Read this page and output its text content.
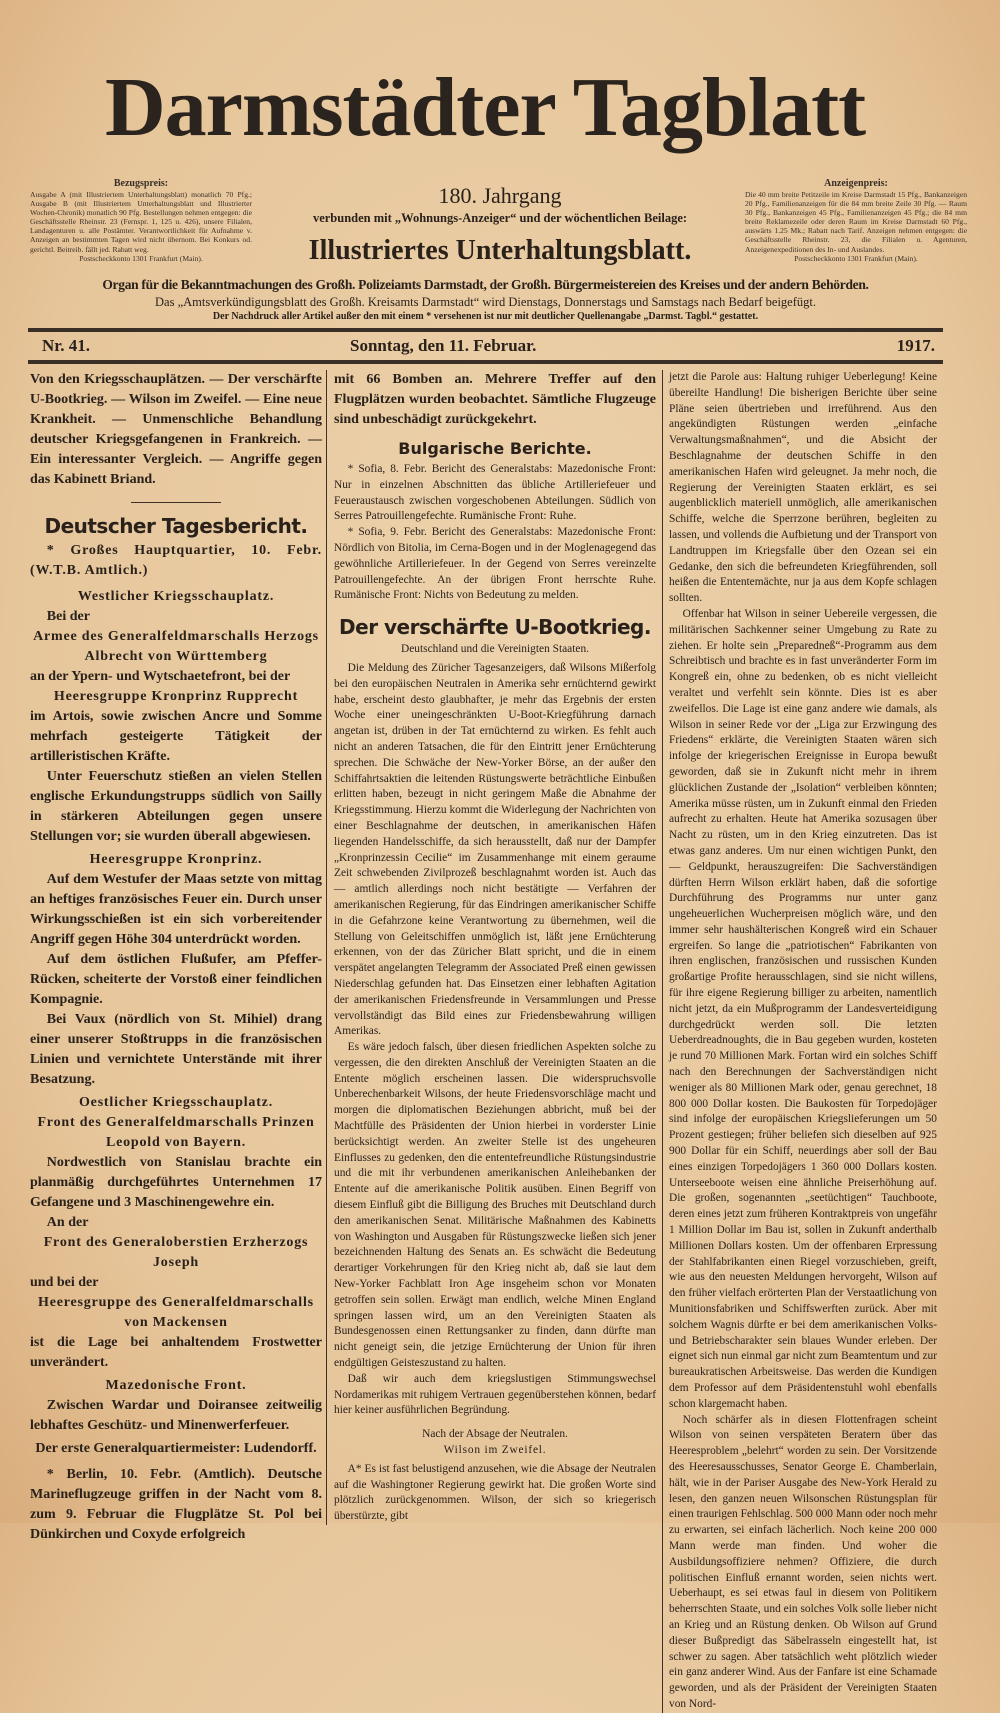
Darmstädter Tagblatt
Bezugspreis:

Ausgabe A (mit Illustriertem Unterhaltungsblatt) monatlich 70 Pfg.; Ausgabe B (mit Illustriertem Unterhaltungsblatt und Illustrierter Wochen-Chronik) monatlich 90 Pfg. Bestellungen nehmen entgegen: die Geschäftsstelle Rheinstr. 23 (Fernspr. 1, 125 u. 426), unsere Filialen, Landagenturen u. alle Postämter. Verantwortlichkeit für Aufnahme v. Anzeigen an bestimmten Tagen wird nicht übernom. Bei Konkurs od. gerichtl. Beitreib. fällt jed. Rabatt weg.

Postscheckkonto 1301 Frankfurt (Main).

Anzeigenpreis:

Die 40 mm breite Petitzeile im Kreise Darmstadt 15 Pfg., Bankanzeigen 20 Pfg., Familienanzeigen für die 84 mm breite Zeile 30 Pfg. — Raum 30 Pfg., Bankanzeigen 45 Pfg., Familienanzeigen 45 Pfg.; die 84 mm breite Reklamezeile oder deren Raum im Kreise Darmstadt 60 Pfg., auswärts 1.25 Mk.; Rabatt nach Tarif. Anzeigen nehmen entgegen: die Geschäftsstelle Rheinstr. 23, die Filialen u. Agenturen, Anzeigenexpeditionen des In- und Auslandes.

Postscheckkonto 1301 Frankfurt (Main).

180. Jahrgang
verbunden mit „Wohnungs-Anzeiger“ und der wöchentlichen Beilage:
Illustriertes Unterhaltungsblatt.
Organ für die Bekanntmachungen des Großh. Polizeiamts Darmstadt, der Großh. Bürgermeistereien des Kreises und der andern Behörden.
Das „Amtsverkündigungsblatt des Großh. Kreisamts Darmstadt“ wird Dienstags, Donnerstags und Samstags nach Bedarf beigefügt.
Der Nachdruck aller Artikel außer den mit einem * versehenen ist nur mit deutlicher Quellenangabe „Darmst. Tagbl.“ gestattet.
Nr. 41.	Sonntag, den 11. Februar.	1917.

Von den Kriegsschauplätzen. — Der verschärfte U-Bootkrieg. — Wilson im Zweifel. — Eine neue Krankheit. — Unmenschliche Behandlung deutscher Kriegsgefangenen in Frankreich. — Ein interessanter Vergleich. — Angriffe gegen das Kabinett Briand.

Deutscher Tagesbericht.

* Großes Hauptquartier, 10. Febr. (W.T.B. Amtlich.)

Westlicher Kriegsschauplatz.

Bei der

Armee des Generalfeldmarschalls Herzogs Albrecht von Württemberg

an der Ypern- und Wytschaetefront, bei der

Heeresgruppe Kronprinz Rupprecht

im Artois, sowie zwischen Ancre und Somme mehrfach gesteigerte Tätigkeit der artilleristischen Kräfte.

Unter Feuerschutz stießen an vielen Stellen englische Erkundungstrupps südlich von Sailly in stärkeren Abteilungen gegen unsere Stellungen vor; sie wurden überall abgewiesen.

Heeresgruppe Kronprinz.

Auf dem Westufer der Maas setzte von mittag an heftiges französisches Feuer ein. Durch unser Wirkungsschießen ist ein sich vorbereitender Angriff gegen Höhe 304 unterdrückt worden.

Auf dem östlichen Flußufer, am Pfeffer-Rücken, scheiterte der Vorstoß einer feindlichen Kompagnie.

Bei Vaux (nördlich von St. Mihiel) drang einer unserer Stoßtrupps in die französischen Linien und vernichtete Unterstände mit ihrer Besatzung.

Oestlicher Kriegsschauplatz.

Front des Generalfeldmarschalls Prinzen Leopold von Bayern.

Nordwestlich von Stanislau brachte ein planmäßig durchgeführtes Unternehmen 17 Gefangene und 3 Maschinengewehre ein.

An der

Front des Generaloberstien Erzherzogs Joseph

und bei der

Heeresgruppe des Generalfeldmarschalls von Mackensen

ist die Lage bei anhaltendem Frostwetter unverändert.

Mazedonische Front.

Zwischen Wardar und Doiransee zeitweilig lebhaftes Geschütz- und Minenwerferfeuer.

Der erste Generalquartiermeister: Ludendorff.

* Berlin, 10. Febr. (Amtlich). Deutsche Marineflugzeuge griffen in der Nacht vom 8. zum 9. Februar die Flugplätze St. Pol bei Dünkirchen und Coxyde erfolgreich

mit 66 Bomben an. Mehrere Treffer auf den Flugplätzen wurden beobachtet. Sämtliche Flugzeuge sind unbeschädigt zurückgekehrt.

Bulgarische Berichte.

* Sofia, 8. Febr. Bericht des Generalstabs: Mazedonische Front: Nur in einzelnen Abschnitten das übliche Artilleriefeuer und Feueraustausch zwischen vorgeschobenen Abteilungen. Südlich von Serres Patrouillengefechte. Rumänische Front: Ruhe.

* Sofia, 9. Febr. Bericht des Generalstabs: Mazedonische Front: Nördlich von Bitolia, im Cerna-Bogen und in der Moglenagegend das gewöhnliche Artilleriefeuer. In der Gegend von Serres vereinzelte Patrouillengefechte. An der übrigen Front herrschte Ruhe. Rumänische Front: Nichts von Bedeutung zu melden.

Der verschärfte U-Bootkrieg.
Deutschland und die Vereinigten Staaten.

Die Meldung des Züricher Tagesanzeigers, daß Wilsons Mißerfolg bei den europäischen Neutralen in Amerika sehr ernüchternd gewirkt habe, erscheint desto glaubhafter, je mehr das Ergebnis der ersten Woche einer uneingeschränkten U-Boot-Kriegführung darnach angetan ist, drüben in der Tat ernüchternd zu wirken. Es fehlt auch nicht an anderen Tatsachen, die für den Eintritt jener Ernüchterung sprechen. Die Schwäche der New-Yorker Börse, an der außer den Schiffahrtsaktien die leitenden Rüstungswerte beträchtliche Einbußen erlitten haben, bezeugt in nicht geringem Maße die Abnahme der Kriegsstimmung. Hierzu kommt die Widerlegung der Nachrichten von einer Beschlagnahme der deutschen, in amerikanischen Häfen liegenden Handelsschiffe, da sich herausstellt, daß nur der Dampfer „Kronprinzessin Cecilie“ im Zusammenhange mit einem geraume Zeit schwebenden Zivilprozeß beschlagnahmt worden ist. Auch das — amtlich allerdings noch nicht bestätigte — Verfahren der amerikanischen Regierung, für das Eindringen amerikanischer Schiffe in die Gefahrzone keine Verantwortung zu übernehmen, weil die Stellung von Geleitschiffen unmöglich ist, läßt jene Ernüchterung erkennen, von der das Züricher Blatt spricht, und die in einem verspätet angelangten Telegramm der Associated Preß einen gewissen Niederschlag gefunden hat. Das Einsetzen einer lebhaften Agitation der amerikanischen Friedensfreunde in Versammlungen und Presse vervollständigt das Bild eines zur Friedensbewahrung willigen Amerikas.

Es wäre jedoch falsch, über diesen friedlichen Aspekten solche zu vergessen, die den direkten Anschluß der Vereinigten Staaten an die Entente möglich erscheinen lassen. Die widerspruchsvolle Unberechenbarkeit Wilsons, der heute Friedensvorschläge macht und morgen die diplomatischen Beziehungen abbricht, muß bei der Machtfülle des Präsidenten der Union hierbei in vorderster Linie berücksichtigt werden. An zweiter Stelle ist des ungeheuren Einflusses zu gedenken, den die ententefreundliche Rüstungsindustrie und die mit ihr verbundenen amerikanischen Anleihebanken der Entente auf die amerikanische Politik ausüben. Einen Begriff von diesem Einfluß gibt die Billigung des Bruches mit Deutschland durch den amerikanischen Senat. Militärische Maßnahmen des Kabinetts von Washington und Ausgaben für Rüstungszwecke ließen sich jener bezeichnenden Haltung des Senats an. Es schwächt die Bedeutung derartiger Vorkehrungen für den Krieg nicht ab, daß sie laut dem New-Yorker Fachblatt Iron Age insgeheim schon vor Monaten getroffen sein sollen. Erwägt man endlich, welche Minen England springen lassen wird, um an den Vereinigten Staaten als Bundesgenossen einen Rettungsanker zu finden, dann dürfte man nicht geneigt sein, die jetzige Ernüchterung der Union für ihren endgültigen Geisteszustand zu halten.

Daß wir auch dem kriegslustigen Stimmungswechsel Nordamerikas mit ruhigem Vertrauen gegenüberstehen können, bedarf hier keiner ausführlichen Begründung.

Nach der Absage der Neutralen.
Wilson im Zweifel.

A* Es ist fast belustigend anzusehen, wie die Absage der Neutralen auf die Washingtoner Regierung gewirkt hat. Die großen Worte sind plötzlich zurückgenommen. Wilson, der sich so kriegerisch überstürzte, gibt

jetzt die Parole aus: Haltung ruhiger Ueberlegung! Keine übereilte Handlung! Die bisherigen Berichte über seine Pläne seien übertrieben und irreführend. Aus den angekündigten Rüstungen werden „einfache Verwaltungsmaßnahmen“, und die Absicht der Beschlagnahme der deutschen Schiffe in den amerikanischen Hafen wird geleugnet. Ja mehr noch, die Regierung der Vereinigten Staaten erklärt, es sei augenblicklich materiell unmöglich, alle amerikanischen Schiffe, welche die Sperrzone berühren, begleiten zu lassen, und vollends die Aufbietung und der Transport von Landtruppen im Kriegsfalle über den Ozean sei ein Gedanke, den sich die befreundeten Kriegführenden, soll heißen die Ententemächte, nur ja aus dem Kopfe schlagen sollten.

Offenbar hat Wilson in seiner Uebereile vergessen, die militärischen Sachkenner seiner Umgebung zu Rate zu ziehen. Er holte sein „Preparedneß“-Programm aus dem Schreibtisch und brachte es in fast unveränderter Form im Kongreß ein, ohne zu bedenken, ob es nicht vielleicht veraltet und verfehlt sein könnte. Dies ist es aber zweifellos. Die Lage ist eine ganz andere wie damals, als Wilson in seiner Rede vor der „Liga zur Erzwingung des Friedens“ erklärte, die Vereinigten Staaten wären sich infolge der kriegerischen Ereignisse in Europa bewußt geworden, daß sie in Zukunft nicht mehr in ihrem glücklichen Zustande der „Isolation“ verbleiben könnten; Amerika müsse rüsten, um in Zukunft einmal den Frieden aufrecht zu erhalten. Heute hat Amerika sozusagen über Nacht zu rüsten, um in den Krieg einzutreten. Das ist etwas ganz anderes. Um nur einen wichtigen Punkt, den — Geldpunkt, herauszugreifen: Die Sachverständigen dürften Herrn Wilson erklärt haben, daß die sofortige Durchführung des Programms nur unter ganz ungeheuerlichen Wucherpreisen möglich wäre, und den immer sehr haushälterischen Kongreß wird ein Schauer ergreifen. So lange die „patriotischen“ Fabrikanten von ihren englischen, französischen und russischen Kunden großartige Profite herausschlagen, sind sie nicht willens, für ihre eigene Regierung billiger zu arbeiten, namentlich nicht jetzt, da ein Mußprogramm der Landesverteidigung durchgedrückt werden soll. Die letzten Ueberdreadnoughts, die in Bau gegeben wurden, kosteten je rund 70 Millionen Mark. Fortan wird ein solches Schiff nach den Berechnungen der Sachverständigen nicht weniger als 80 Millionen Mark oder, genau gerechnet, 18 800 000 Dollar kosten. Die Baukosten für Torpedojäger sind infolge der europäischen Kriegslieferungen um 50 Prozent gestiegen; früher beliefen sich dieselben auf 925 900 Dollar für ein Schiff, neuerdings aber soll der Bau eines einzigen Torpedojägers 1 360 000 Dollars kosten. Unterseeboote weisen eine ähnliche Preiserhöhung auf. Die großen, sogenannten „seetüchtigen“ Tauchboote, deren eines jetzt zum früheren Kontraktpreis von ungefähr 1 Million Dollar im Bau ist, sollen in Zukunft anderthalb Millionen Dollars kosten. Um der offenbaren Erpressung der Stahlfabrikanten einen Riegel vorzuschieben, greift, wie aus den neuesten Meldungen hervorgeht, Wilson auf den früher vielfach erörterten Plan der Verstaatlichung von Munitionsfabriken und Schiffswerften zurück. Aber mit solchem Wagnis dürfte er bei dem amerikanischen Volks- und Betriebscharakter sein blaues Wunder erleben. Der eignet sich nun einmal gar nicht zum Beamtentum und zur bureaukratischen Arbeitsweise. Das werden die Kundigen dem Professor auf dem Präsidentenstuhl wohl ebenfalls schon klargemacht haben.

Noch schärfer als in diesen Flottenfragen scheint Wilson von seinen verspäteten Beratern über das Heeresproblem „belehrt“ worden zu sein. Der Vorsitzende des Heeresausschusses, Senator George E. Chamberlain, hält, wie in der Pariser Ausgabe des New-York Herald zu lesen, den ganzen neuen Wilsonschen Rüstungsplan für einen traurigen Fehlschlag. 500 000 Mann oder noch mehr zu erwarten, sei einfach lächerlich. Noch keine 200 000 Mann werde man finden. Und woher die Ausbildungsoffiziere nehmen? Offiziere, die durch politischen Einfluß ernannt worden, seien nichts wert. Ueberhaupt, es sei etwas faul in diesem von Politikern beherrschten Staate, und ein solches Volk solle lieber nicht an Krieg und an Rüstung denken. Ob Wilson auf Grund dieser Bußpredigt das Säbelrasseln eingestellt hat, ist schwer zu sagen. Aber tatsächlich weht plötzlich wieder ein ganz anderer Wind. Aus der Fanfare ist eine Schamade geworden, und als der Präsident der Vereinigten Staaten von Nord-
